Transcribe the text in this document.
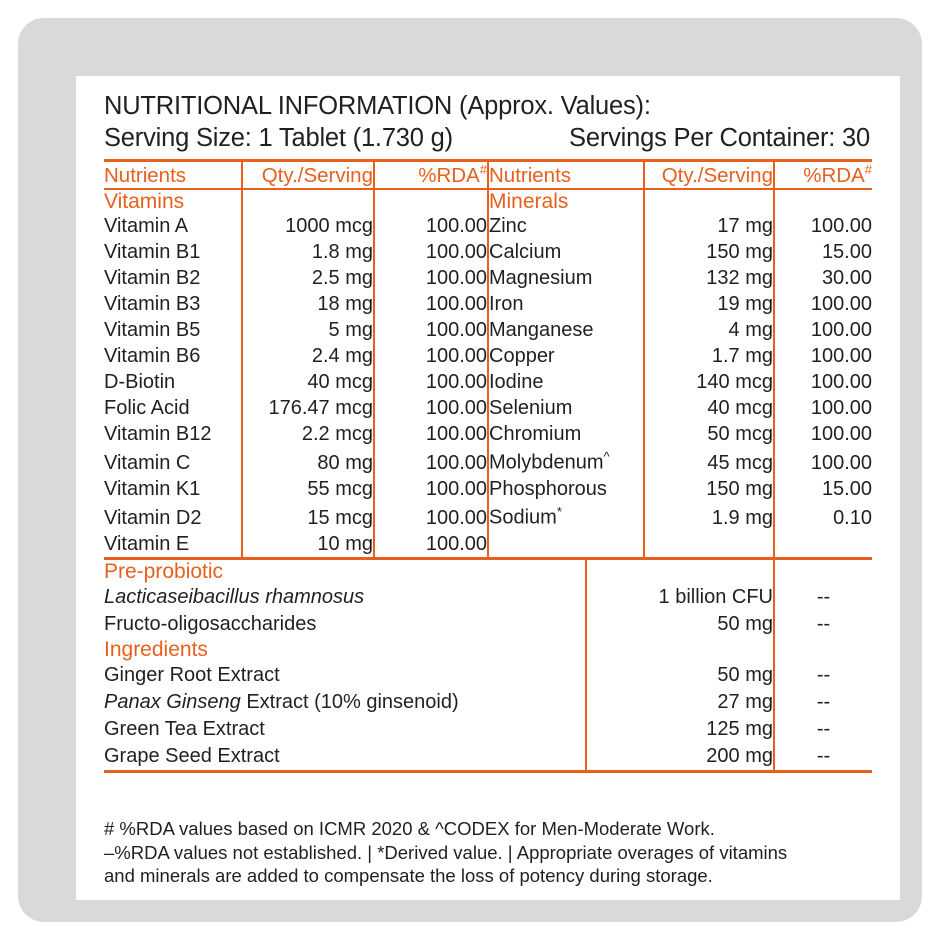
NUTRITIONAL INFORMATION (Approx. Values):
Serving Size: 1 Tablet (1.730 g)	Servings Per Container: 30
Nutrients	Qty./Serving	%RDA#	Nutrients	Qty./Serving	%RDA#
Vitamins			Minerals		
Vitamin A	1000 mcg	100.00	Zinc	17 mg	100.00
Vitamin B1	1.8 mg	100.00	Calcium	150 mg	15.00
Vitamin B2	2.5 mg	100.00	Magnesium	132 mg	30.00
Vitamin B3	18 mg	100.00	Iron	19 mg	100.00
Vitamin B5	5 mg	100.00	Manganese	4 mg	100.00
Vitamin B6	2.4 mg	100.00	Copper	1.7 mg	100.00
D-Biotin	40 mcg	100.00	Iodine	140 mcg	100.00
Folic Acid	176.47 mcg	100.00	Selenium	40 mcg	100.00
Vitamin B12	2.2 mcg	100.00	Chromium	50 mcg	100.00
Vitamin C	80 mg	100.00	Molybdenum^	45 mcg	100.00
Vitamin K1	55 mcg	100.00	Phosphorous	150 mg	15.00
Vitamin D2	15 mcg	100.00	Sodium*	1.9 mg	0.10
Vitamin E	10 mg	100.00			
Pre-probiotic			
Lacticaseibacillus rhamnosus		1 billion CFU	--
Fructo-oligosaccharides		50 mg	--
Ingredients			
Ginger Root Extract		50 mg	--
Panax Ginseng Extract (10% ginsenoid)		27 mg	--
Green Tea Extract		125 mg	--
Grape Seed Extract		200 mg	--
# %RDA values based on ICMR 2020 & ^CODEX for Men-Moderate Work.
–%RDA values not established. | *Derived value. | Appropriate overages of vitamins
and minerals are added to compensate the loss of potency during storage.
